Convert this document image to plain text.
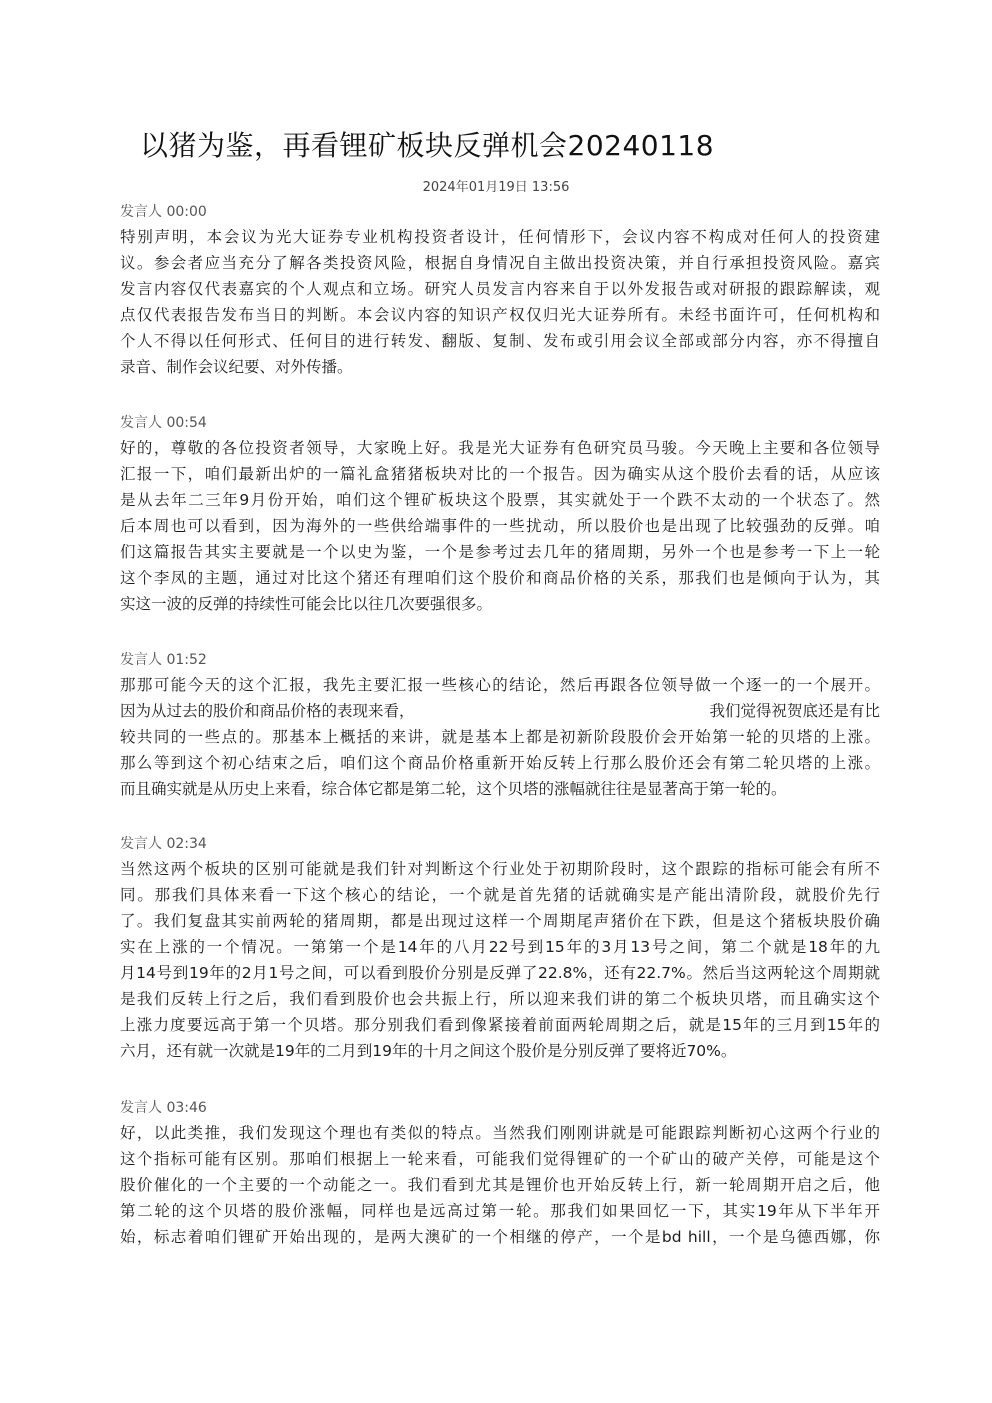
以猪为鉴，再看锂矿板块反弹机会20240118
2024年01月19日 13:56
发言人 00:00
特别声明，本会议为光大证券专业机构投资者设计，任何情形下，会议内容不构成对任何人的投资建
议。参会者应当充分了解各类投资风险，根据自身情况自主做出投资决策，并自行承担投资风险。嘉宾
发言内容仅代表嘉宾的个人观点和立场。研究人员发言内容来自于以外发报告或对研报的跟踪解读，观
点仅代表报告发布当日的判断。本会议内容的知识产权仅归光大证券所有。未经书面许可，任何机构和
个人不得以任何形式、任何目的进行转发、翻版、复制、发布或引用会议全部或部分内容，亦不得擅自
录音、制作会议纪要、对外传播。
发言人 00:54
好的，尊敬的各位投资者领导，大家晚上好。我是光大证券有色研究员马骏。今天晚上主要和各位领导
汇报一下，咱们最新出炉的一篇礼盒猪猪板块对比的一个报告。因为确实从这个股价去看的话，从应该
是从去年二三年9月份开始，咱们这个锂矿板块这个股票，其实就处于一个跌不太动的一个状态了。然
后本周也可以看到，因为海外的一些供给端事件的一些扰动，所以股价也是出现了比较强劲的反弹。咱
们这篇报告其实主要就是一个以史为鉴，一个是参考过去几年的猪周期，另外一个也是参考一下上一轮
这个李凤的主题，通过对比这个猪还有理咱们这个股价和商品价格的关系，那我们也是倾向于认为，其
实这一波的反弹的持续性可能会比以往几次要强很多。
发言人 01:52
那那可能今天的这个汇报，我先主要汇报一些核心的结论，然后再跟各位领导做一个逐一的一个展开。
因为从过去的股价和商品价格的表现来看，	我们觉得祝贺底还是有比
较共同的一些点的。那基本上概括的来讲，就是基本上都是初新阶段股价会开始第一轮的贝塔的上涨。
那么等到这个初心结束之后，咱们这个商品价格重新开始反转上行那么股价还会有第二轮贝塔的上涨。
而且确实就是从历史上来看，综合体它都是第二轮，这个贝塔的涨幅就往往是显著高于第一轮的。
发言人 02:34
当然这两个板块的区别可能就是我们针对判断这个行业处于初期阶段时，这个跟踪的指标可能会有所不
同。那我们具体来看一下这个核心的结论，一个就是首先猪的话就确实是产能出清阶段，就股价先行
了。我们复盘其实前两轮的猪周期，都是出现过这样一个周期尾声猪价在下跌，但是这个猪板块股价确
实在上涨的一个情况。一第第一个是14年的八月22号到15年的3月13号之间，第二个就是18年的九
月14号到19年的2月1号之间，可以看到股价分别是反弹了22.8%，还有22.7%。然后当这两轮这个周期就
是我们反转上行之后，我们看到股价也会共振上行，所以迎来我们讲的第二个板块贝塔，而且确实这个
上涨力度要远高于第一个贝塔。那分别我们看到像紧接着前面两轮周期之后，就是15年的三月到15年的
六月，还有就一次就是19年的二月到19年的十月之间这个股价是分别反弹了要将近70%。
发言人 03:46
好，以此类推，我们发现这个理也有类似的特点。当然我们刚刚讲就是可能跟踪判断初心这两个行业的
这个指标可能有区别。那咱们根据上一轮来看，可能我们觉得锂矿的一个矿山的破产关停，可能是这个
股价催化的一个主要的一个动能之一。我们看到尤其是锂价也开始反转上行，新一轮周期开启之后，他
第二轮的这个贝塔的股价涨幅，同样也是远高过第一轮。那我们如果回忆一下，其实19年从下半年开
始，标志着咱们锂矿开始出现的，是两大澳矿的一个相继的停产，一个是bd hill，一个是乌德西娜，你
